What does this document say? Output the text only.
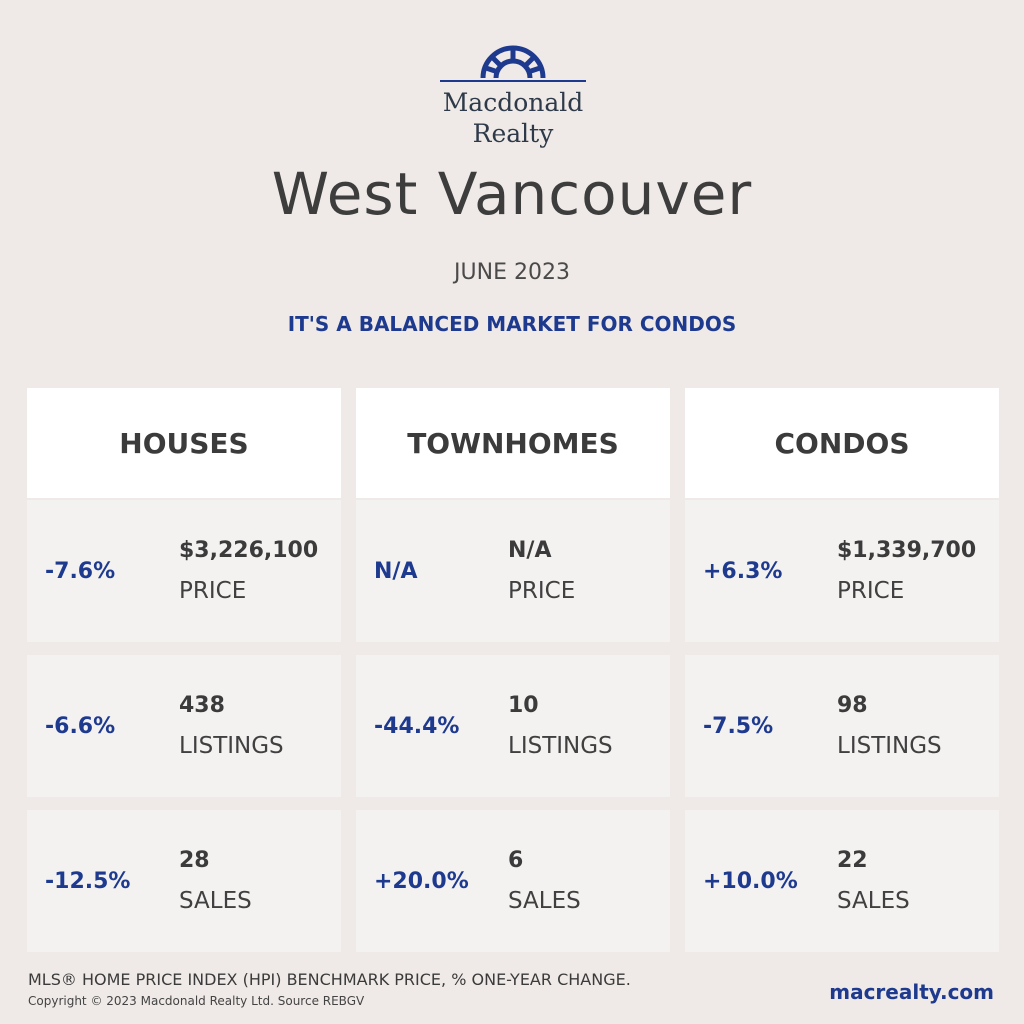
Macdonald
Realty
West Vancouver
JUNE 2023
IT'S A BALANCED MARKET FOR CONDOS
HOUSES
-7.6%
$3,226,100
PRICE
-6.6%
438
LISTINGS
-12.5%
28
SALES
TOWNHOMES
N/A
N/A
PRICE
-44.4%
10
LISTINGS
+20.0%
6
SALES
CONDOS
+6.3%
$1,339,700
PRICE
-7.5%
98
LISTINGS
+10.0%
22
SALES
MLS® HOME PRICE INDEX (HPI) BENCHMARK PRICE, % ONE-YEAR CHANGE.
Copyright © 2023 Macdonald Realty Ltd. Source REBGV	macrealty.com
